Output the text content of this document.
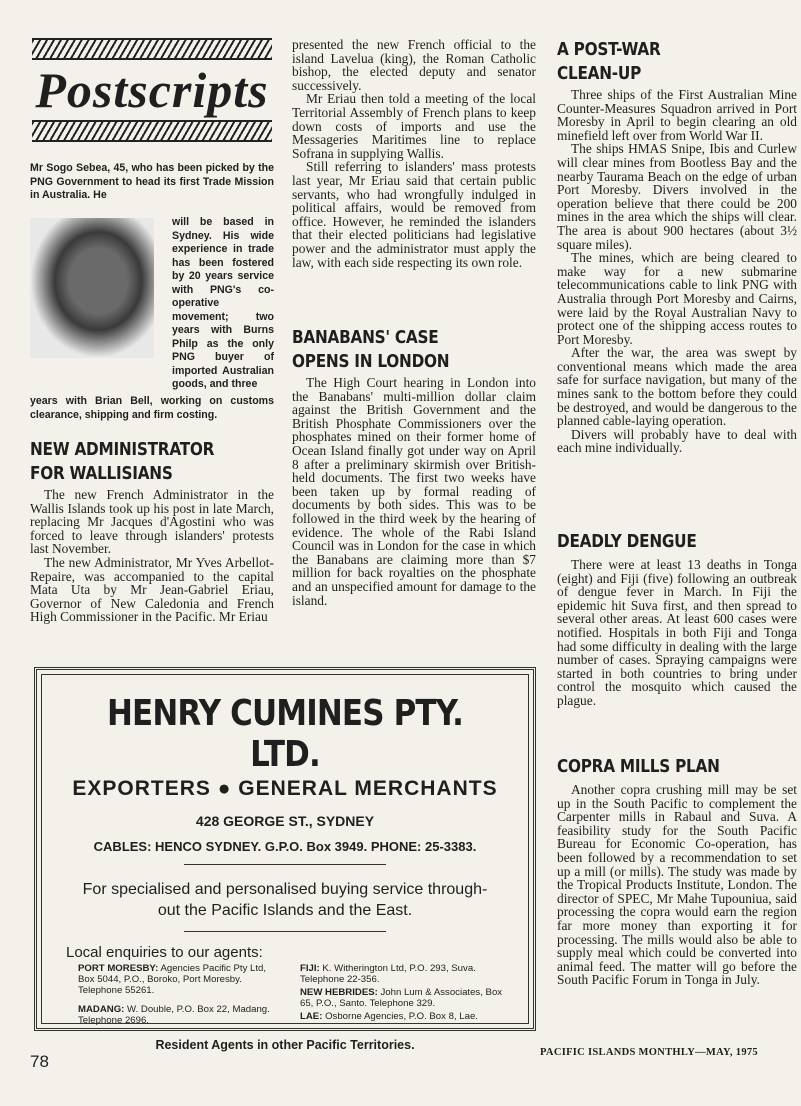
Postscripts
Mr Sogo Sebea, 45, who has been picked by the PNG Government to head its first Trade Mission in Australia. He
will be based in Sydney. His wide experience in trade has been fostered by 20 years service with PNG's co-operative movement; two years with Burns Philp as the only PNG buyer of imported Australian goods, and three
years with Brian Bell, working on customs clearance, shipping and firm costing.
NEW ADMINISTRATOR
FOR WALLISIANS

The new French Administrator in the Wallis Islands took up his post in late March, replacing Mr Jacques d'Agostini who was forced to leave through islanders' protests last November.

The new Administrator, Mr Yves Arbellot-Repaire, was accompanied to the capital Mata Uta by Mr Jean-Gabriel Eriau, Governor of New Caledonia and French High Commissioner in the Pacific. Mr Eriau

presented the new French official to the island Lavelua (king), the Roman Catholic bishop, the elected deputy and senator successively.

Mr Eriau then told a meeting of the local Territorial Assembly of French plans to keep down costs of imports and use the Messageries Maritimes line to replace Sofrana in supplying Wallis.

Still referring to islanders' mass protests last year, Mr Eriau said that certain public servants, who had wrongfully indulged in political affairs, would be removed from office. However, he reminded the islanders that their elected politicians had legislative power and the administrator must apply the law, with each side respecting its own role.

BANABANS' CASE
OPENS IN LONDON

The High Court hearing in London into the Banabans' multi-million dollar claim against the British Government and the British Phosphate Commissioners over the phosphates mined on their former home of Ocean Island finally got under way on April 8 after a preliminary skirmish over British-held documents. The first two weeks have been taken up by formal reading of documents by both sides. This was to be followed in the third week by the hearing of evidence. The whole of the Rabi Island Council was in London for the case in which the Banabans are claiming more than $7 million for back royalties on the phosphate and an unspecified amount for damage to the island.

A POST-WAR
CLEAN-UP

Three ships of the First Australian Mine Counter-Measures Squadron arrived in Port Moresby in April to begin clearing an old minefield left over from World War II.

The ships HMAS Snipe, Ibis and Curlew will clear mines from Bootless Bay and the nearby Taurama Beach on the edge of urban Port Moresby. Divers involved in the operation believe that there could be 200 mines in the area which the ships will clear. The area is about 900 hectares (about 3½ square miles).

The mines, which are being cleared to make way for a new submarine telecommunications cable to link PNG with Australia through Port Moresby and Cairns, were laid by the Royal Australian Navy to protect one of the shipping access routes to Port Moresby.

After the war, the area was swept by conventional means which made the area safe for surface navigation, but many of the mines sank to the bottom before they could be destroyed, and would be dangerous to the planned cable-laying operation.

Divers will probably have to deal with each mine individually.

DEADLY DENGUE

There were at least 13 deaths in Tonga (eight) and Fiji (five) following an outbreak of dengue fever in March. In Fiji the epidemic hit Suva first, and then spread to several other areas. At least 600 cases were notified. Hospitals in both Fiji and Tonga had some difficulty in dealing with the large number of cases. Spraying campaigns were started in both countries to bring under control the mosquito which caused the plague.

COPRA MILLS PLAN

Another copra crushing mill may be set up in the South Pacific to complement the Carpenter mills in Rabaul and Suva. A feasibility study for the South Pacific Bureau for Economic Co-operation, has been followed by a recommendation to set up a mill (or mills). The study was made by the Tropical Products Institute, London. The director of SPEC, Mr Mahe Tupouniua, said processing the copra would earn the region far more money than exporting it for processing. The mills would also be able to supply meal which could be converted into animal feed. The matter will go before the South Pacific Forum in Tonga in July.

HENRY CUMINES PTY. LTD.
EXPORTERS ● GENERAL MERCHANTS
428 GEORGE ST., SYDNEY
CABLES: HENCO SYDNEY. G.P.O. Box 3949. PHONE: 25-3383.
For specialised and personalised buying service through-
out the Pacific Islands and the East.
Local enquiries to our agents:
PORT MORESBY: Agencies Pacific Pty Ltd, Box 5044, P.O., Boroko, Port Moresby. Telephone 55261.
MADANG: W. Double, P.O. Box 22, Madang. Telephone 2696.
FIJI: K. Witherington Ltd, P.O. 293, Suva. Telephone 22-356.
NEW HEBRIDES: John Lum & Associates, Box 65, P.O., Santo. Telephone 329.
LAE: Osborne Agencies, P.O. Box 8, Lae.
Resident Agents in other Pacific Territories.
78	PACIFIC ISLANDS MONTHLY—MAY, 1975
